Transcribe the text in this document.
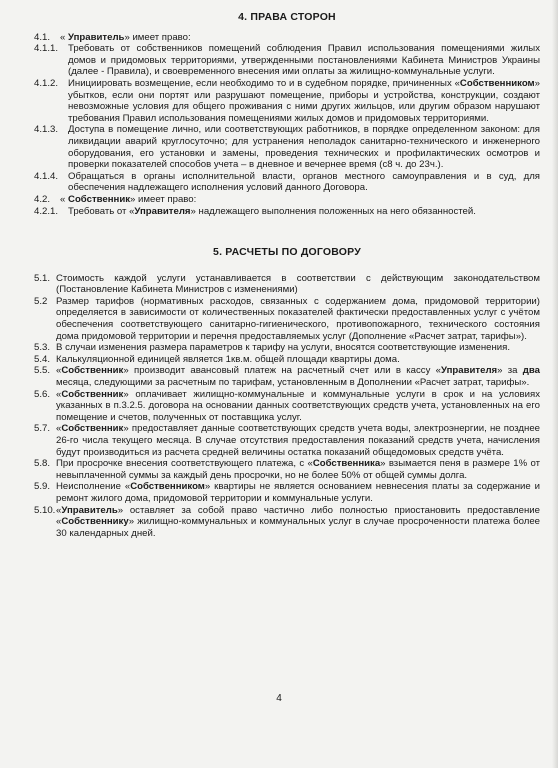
4. ПРАВА СТОРОН
4.1.	« Управитель» имеет право:
4.1.1.	Требовать от собственников помещений соблюдения Правил использования помещениями жилых домов и придомовых территориями, утвержденными постановлениями Кабинета Министров Украины (далее - Правила), и своевременного внесения ими оплаты за жилищно-коммунальные услуги.
4.1.2.	Инициировать возмещение, если необходимо то и в судебном порядке, причиненных «Собственником» убытков, если они портят или разрушают помещение, приборы и устройства, конструкции, создают невозможные условия для общего проживания с ними других жильцов, или другим образом нарушают требования Правил использования помещениями жилых домов и придомовых территориями.
4.1.3.	Доступа в помещение лично, или соответствующих работников, в порядке определенном законом: для ликвидации аварий круглосуточно; для устранения неполадок санитарно-технического и инженерного оборудования, его установки и замены, проведения технических и профилактических осмотров и проверки показателей способов учета – в дневное и вечернее время (с8 ч. до 23ч.).
4.1.4.	Обращаться в органы исполнительной власти, органов местного самоуправления и в суд, для обеспечения надлежащего исполнения условий данного Договора.
4.2.	« Собственник» имеет право:
4.2.1.	Требовать от «Управителя» надлежащего выполнения положенных на него обязанностей.
5. РАСЧЕТЫ ПО ДОГОВОРУ
5.1. Стоимость каждой услуги устанавливается в соответствии с действующим законодательством (Постановление Кабинета Министров с изменениями)
5.2 Размер тарифов (нормативных расходов, связанных с содержанием дома, придомовой территории) определяется в зависимости от количественных показателей фактически предоставленных услуг с учётом обеспечения соответствующего санитарно-гигиенического, противопожарного, технического состояния дома придомовой территории и перечня предоставляемых услуг (Дополнение «Расчет затрат, тарифы»).
5.3. В случаи изменения размера параметров к тарифу на услуги, вносятся соответствующие изменения.
5.4. Калькуляционной единицей является 1кв.м. общей площади квартиры дома.
5.5. «Собственник» производит авансовый платеж на расчетный счет или в кассу «Управителя» за два месяца, следующими за расчетным по тарифам, установленным в Дополнении «Расчет затрат, тарифы».
5.6. «Собственник» оплачивает жилищно-коммунальные и коммунальные услуги в срок и на условиях указанных в п.3.2.5. договора на основании данных соответствующих средств учета, установленных на его помещение и счетов, полученных от поставщика услуг.
5.7. «Собственник» предоставляет данные соответствующих средств учета воды, электроэнергии, не позднее 26-го числа текущего месяца. В случае отсутствия предоставления показаний средств учета, начисления будут производиться из расчета средней величины остатка показаний общедомовых средств учёта.
5.8. При просрочке внесения соответствующего платежа, с «Собственника» взымается пеня в размере 1% от невыплаченной суммы за каждый день просрочки, но не более 50% от общей суммы долга.
5.9. Неисполнение «Собственником» квартиры не является основанием невнесения платы за содержание и ремонт жилого дома, придомовой территории и коммунальные услуги.
5.10. «Управитель» оставляет за собой право частично либо полностью приостановить предоставление «Собственнику» жилищно-коммунальных и коммунальных услуг в случае просроченности платежа более 30 календарных дней.
4
